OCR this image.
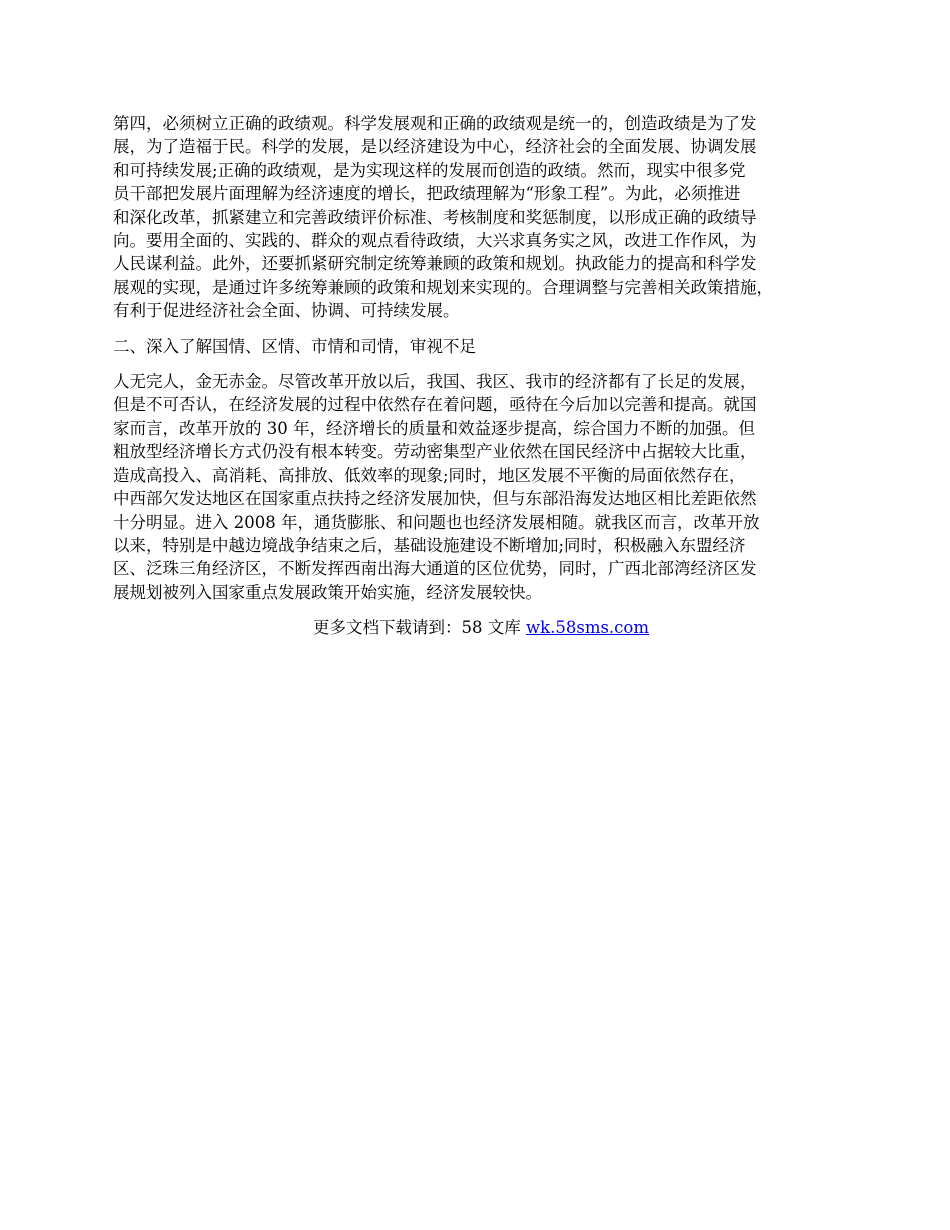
第四，必须树立正确的政绩观。科学发展观和正确的政绩观是统一的，创造政绩是为了发
展，为了造福于民。科学的发展，是以经济建设为中心，经济社会的全面发展、协调发展
和可持续发展;正确的政绩观，是为实现这样的发展而创造的政绩。然而，现实中很多党
员干部把发展片面理解为经济速度的增长，把政绩理解为“形象工程”。为此，必须推进
和深化改革，抓紧建立和完善政绩评价标准、考核制度和奖惩制度，以形成正确的政绩导
向。要用全面的、实践的、群众的观点看待政绩，大兴求真务实之风，改进工作作风，为
人民谋利益。此外，还要抓紧研究制定统筹兼顾的政策和规划。执政能力的提高和科学发
展观的实现，是通过许多统筹兼顾的政策和规划来实现的。合理调整与完善相关政策措施，
有利于促进经济社会全面、协调、可持续发展。
二、深入了解国情、区情、市情和司情，审视不足
人无完人，金无赤金。尽管改革开放以后，我国、我区、我市的经济都有了长足的发展，
但是不可否认，在经济发展的过程中依然存在着问题，亟待在今后加以完善和提高。就国
家而言，改革开放的 30 年，经济增长的质量和效益逐步提高，综合国力不断的加强。但
粗放型经济增长方式仍没有根本转变。劳动密集型产业依然在国民经济中占据较大比重，
造成高投入、高消耗、高排放、低效率的现象;同时，地区发展不平衡的局面依然存在，
中西部欠发达地区在国家重点扶持之经济发展加快，但与东部沿海发达地区相比差距依然
十分明显。进入 2008 年，通货膨胀、和问题也也经济发展相随。就我区而言，改革开放
以来，特别是中越边境战争结束之后，基础设施建设不断增加;同时，积极融入东盟经济
区、泛珠三角经济区，不断发挥西南出海大通道的区位优势，同时，广西北部湾经济区发
展规划被列入国家重点发展政策开始实施，经济发展较快。
更多文档下载请到：58 文库 wk.58sms.com
